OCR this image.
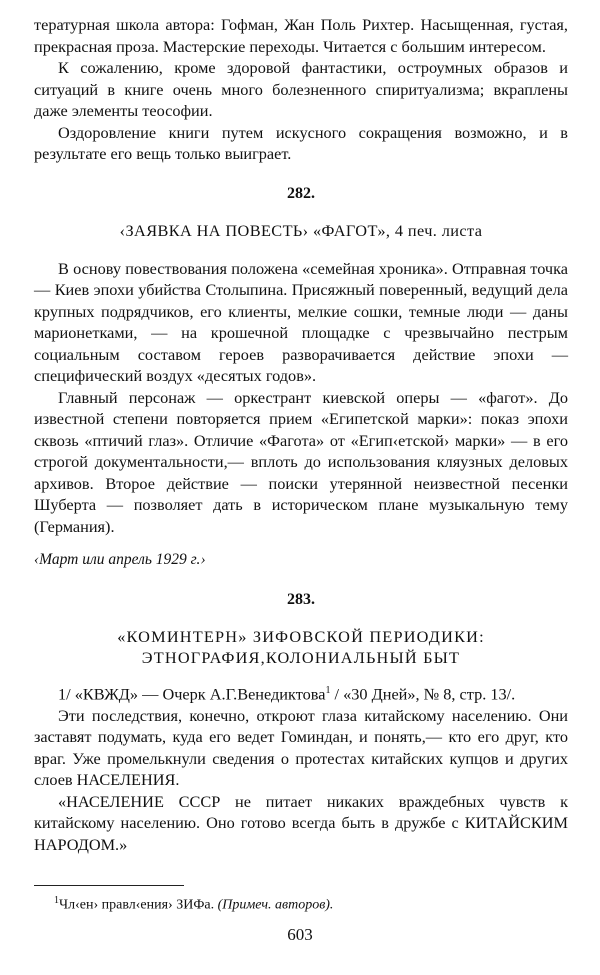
тературная школа автора: Гофман, Жан Поль Рихтер. Насыщенная, густая, прекрасная проза. Мастерские переходы. Читается с большим интересом.

К сожалению, кроме здоровой фантастики, остроумных образов и ситуаций в книге очень много болезненного спиритуализма; вкраплены даже элементы теософии.

Оздоровление книги путем искусного сокращения возможно, и в результате его вещь только выиграет.

282.
‹ЗАЯВКА НА ПОВЕСТЬ› «ФАГОТ», 4 печ. листа

В основу повествования положена «семейная хроника». Отправная точка — Киев эпохи убийства Столыпина. Присяжный поверенный, ведущий дела крупных подрядчиков, его клиенты, мелкие сошки, темные люди — даны марионетками, — на крошечной площадке с чрезвычайно пестрым социальным составом героев разворачивается действие эпохи — специфический воздух «десятых годов».

Главный персонаж — оркестрант киевской оперы — «фагот». До известной степени повторяется прием «Египетской марки»: показ эпохи сквозь «птичий глаз». Отличие «Фагота» от «Егип‹етской› марки» — в его строгой документальности,— вплоть до использования кляузных деловых архивов. Второе действие — поиски утерянной неизвестной песенки Шуберта — позволяет дать в историческом плане музыкальную тему (Германия).

‹Март или апрель 1929 г.›

283.
«КОМИНТЕРН» ЗИФОВСКОЙ ПЕРИОДИКИ:
ЭТНОГРАФИЯ,КОЛОНИАЛЬНЫЙ БЫТ

1/ «КВЖД» — Очерк А.Г.Венедиктова$^1$ / «30 Дней», № 8, стр. 13/.

Эти последствия, конечно, откроют глаза китайскому населению. Они заставят подумать, куда его ведет Гоминдан, и понять,— кто его друг, кто враг. Уже промелькнули сведения о протестах китайских купцов и других слоев НАСЕЛЕНИЯ.

«НАСЕЛЕНИЕ СССР не питает никаких враждебных чувств к китайскому населению. Оно готово всегда быть в дружбе с КИТАЙСКИМ НАРОДОМ.»

$^1$Чл‹ен› правл‹ения› ЗИФа. (Примеч. авторов).

603
